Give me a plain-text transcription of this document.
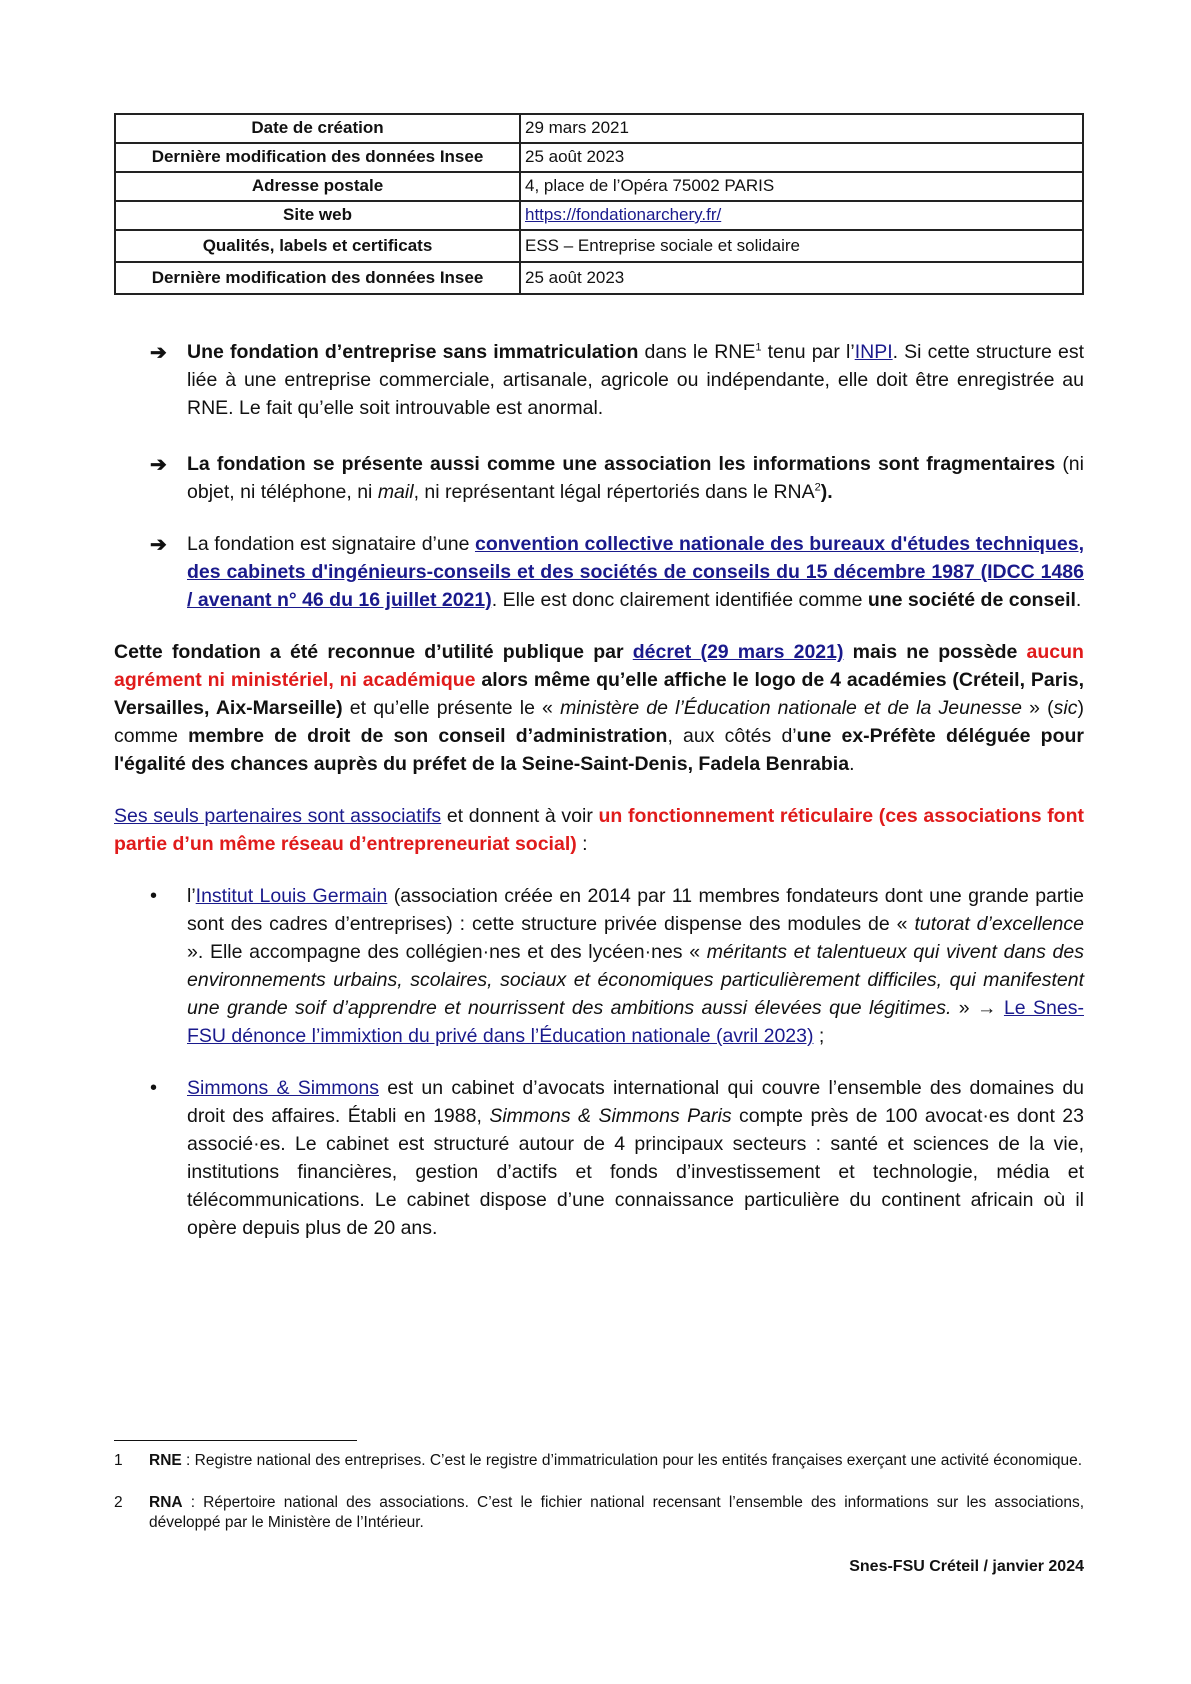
Date de création	29 mars 2021
Dernière modification des données Insee	25 août 2023
Adresse postale	4, place de l’Opéra 75002 PARIS
Site web	https://fondationarchery.fr/
Qualités, labels et certificats	ESS – Entreprise sociale et solidaire
Dernière modification des données Insee	25 août 2023
➔ Une fondation d’entreprise sans immatriculation dans le RNE$^1$ tenu par l’INPI. Si cette structure est liée à une entreprise commerciale, artisanale, agricole ou indépendante, elle doit être enregistrée au RNE. Le fait qu’elle soit introuvable est anormal.
➔ La fondation se présente aussi comme une association les informations sont fragmentaires (ni objet, ni téléphone, ni mail, ni représentant légal répertoriés dans le RNA$^2$).
➔ La fondation est signataire d’une convention collective nationale des bureaux d'études techniques, des cabinets d'ingénieurs-conseils et des sociétés de conseils du 15 décembre 1987 (IDCC 1486 / avenant n° 46 du 16 juillet 2021). Elle est donc clairement identifiée comme une société de conseil.
Cette fondation a été reconnue d’utilité publique par décret (29 mars 2021) mais ne possède aucun agrément ni ministériel, ni académique alors même qu’elle affiche le logo de 4 académies (Créteil, Paris, Versailles, Aix-Marseille) et qu’elle présente le « ministère de l’Éducation nationale et de la Jeunesse » (sic) comme membre de droit de son conseil d’administration, aux côtés d’une ex-Préfète déléguée pour l'égalité des chances auprès du préfet de la Seine-Saint-Denis, Fadela Benrabia.
Ses seuls partenaires sont associatifs et donnent à voir un fonctionnement réticulaire (ces associations font partie d’un même réseau d’entrepreneuriat social) :
• l’Institut Louis Germain (association créée en 2014 par 11 membres fondateurs dont une grande partie sont des cadres d’entreprises) : cette structure privée dispense des modules de « tutorat d’excellence ». Elle accompagne des collégien·nes et des lycéen·nes « méritants et talentueux qui vivent dans des environnements urbains, scolaires, sociaux et économiques particulièrement difficiles, qui manifestent une grande soif d’apprendre et nourrissent des ambitions aussi élevées que légitimes. » → Le Snes-FSU dénonce l’immixtion du privé dans l’Éducation nationale (avril 2023) ;
• Simmons & Simmons est un cabinet d’avocats international qui couvre l’ensemble des domaines du droit des affaires. Établi en 1988, Simmons & Simmons Paris compte près de 100 avocat·es dont 23 associé·es. Le cabinet est structuré autour de 4 principaux secteurs : santé et sciences de la vie, institutions financières, gestion d’actifs et fonds d’investissement et technologie, média et télécommunications. Le cabinet dispose d’une connaissance particulière du continent africain où il opère depuis plus de 20 ans.
1 RNE : Registre national des entreprises. C’est le registre d’immatriculation pour les entités françaises exerçant une activité économique.
2 RNA : Répertoire national des associations. C’est le fichier national recensant l’ensemble des informations sur les associations, développé par le Ministère de l’Intérieur.
Snes-FSU Créteil / janvier 2024
